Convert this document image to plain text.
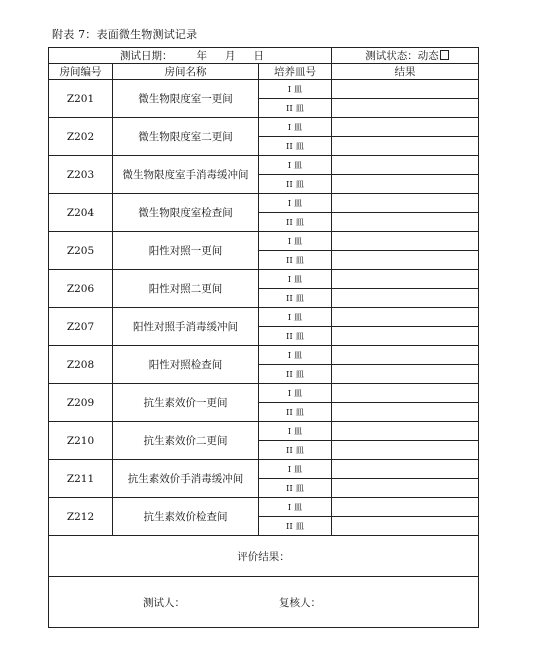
附表 7：表面微生物测试记录
测试日期： 年 月 日			测试状态：动态
房间编号	房间名称	培养皿号	结果
Z201	微生物限度室一更间	I 皿	
		II 皿	
Z202	微生物限度室二更间	I 皿	
		II 皿	
Z203	微生物限度室手消毒缓冲间	I 皿	
		II 皿	
Z204	微生物限度室检查间	I 皿	
		II 皿	
Z205	阳性对照一更间	I 皿	
		II 皿	
Z206	阳性对照二更间	I 皿	
		II 皿	
Z207	阳性对照手消毒缓冲间	I 皿	
		II 皿	
Z208	阳性对照检查间	I 皿	
		II 皿	
Z209	抗生素效价一更间	I 皿	
		II 皿	
Z210	抗生素效价二更间	I 皿	
		II 皿	
Z211	抗生素效价手消毒缓冲间	I 皿	
		II 皿	
Z212	抗生素效价检查间	I 皿	
		II 皿	
评价结果：			

测试人： 复核人：			
